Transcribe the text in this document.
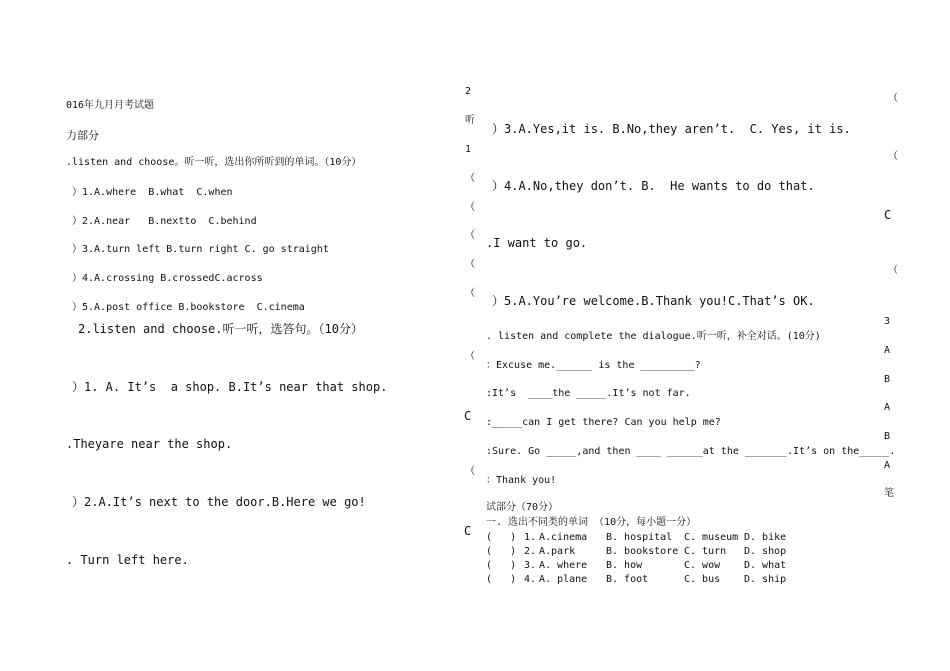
016年九月月考试题
力部分
.listen and choose。听一听，选出你所听到的单词。（10分）
）1.A.where  B.what  C.when
）2.A.near   B.nextto  C.behind
）3.A.turn left B.turn right C. go straight
）4.A.crossing B.crossedC.across
）5.A.post office B.bookstore  C.cinema
2.listen and choose.听一听，选答句。（10分）
）1. A. It’s  a shop. B.It’s near that shop.
.Theyare near the shop.
）2.A.It’s next to the door.B.Here we go!
. Turn left here.
2
听
1
（
（
（
（
（
（
C
（
C
）3.A.Yes,it is. B.No,they aren’t.  C. Yes, it is.
）4.A.No,they don’t. B.  He wants to do that.
.I want to go.
）5.A.You’re welcome.B.Thank you!C.That’s OK.
. listen and complete the dialogue.听一听，补全对话。(10分)
：Excuse me.______ is the _________?
:It’s  ____the _____.It’s not far.
:_____can I get there? Can you help me?
:Sure. Go _____,and then ____ ______at the _______.It’s on the_____.
：Thank you!
试部分（70分）
一. 选出不同类的单词 （10分，每小题一分）
(   ) 1. A.cinema B. hospital C. museum D. bike
(   ) 2. A.park	B. bookstore C. turn D. shop
(   ) 3. A. where B. how	C. wow D. what
(   ) 4. A. plane B. foot	C. bus D. ship
（
（
C
（
3
A
B
A
B
A
笔
